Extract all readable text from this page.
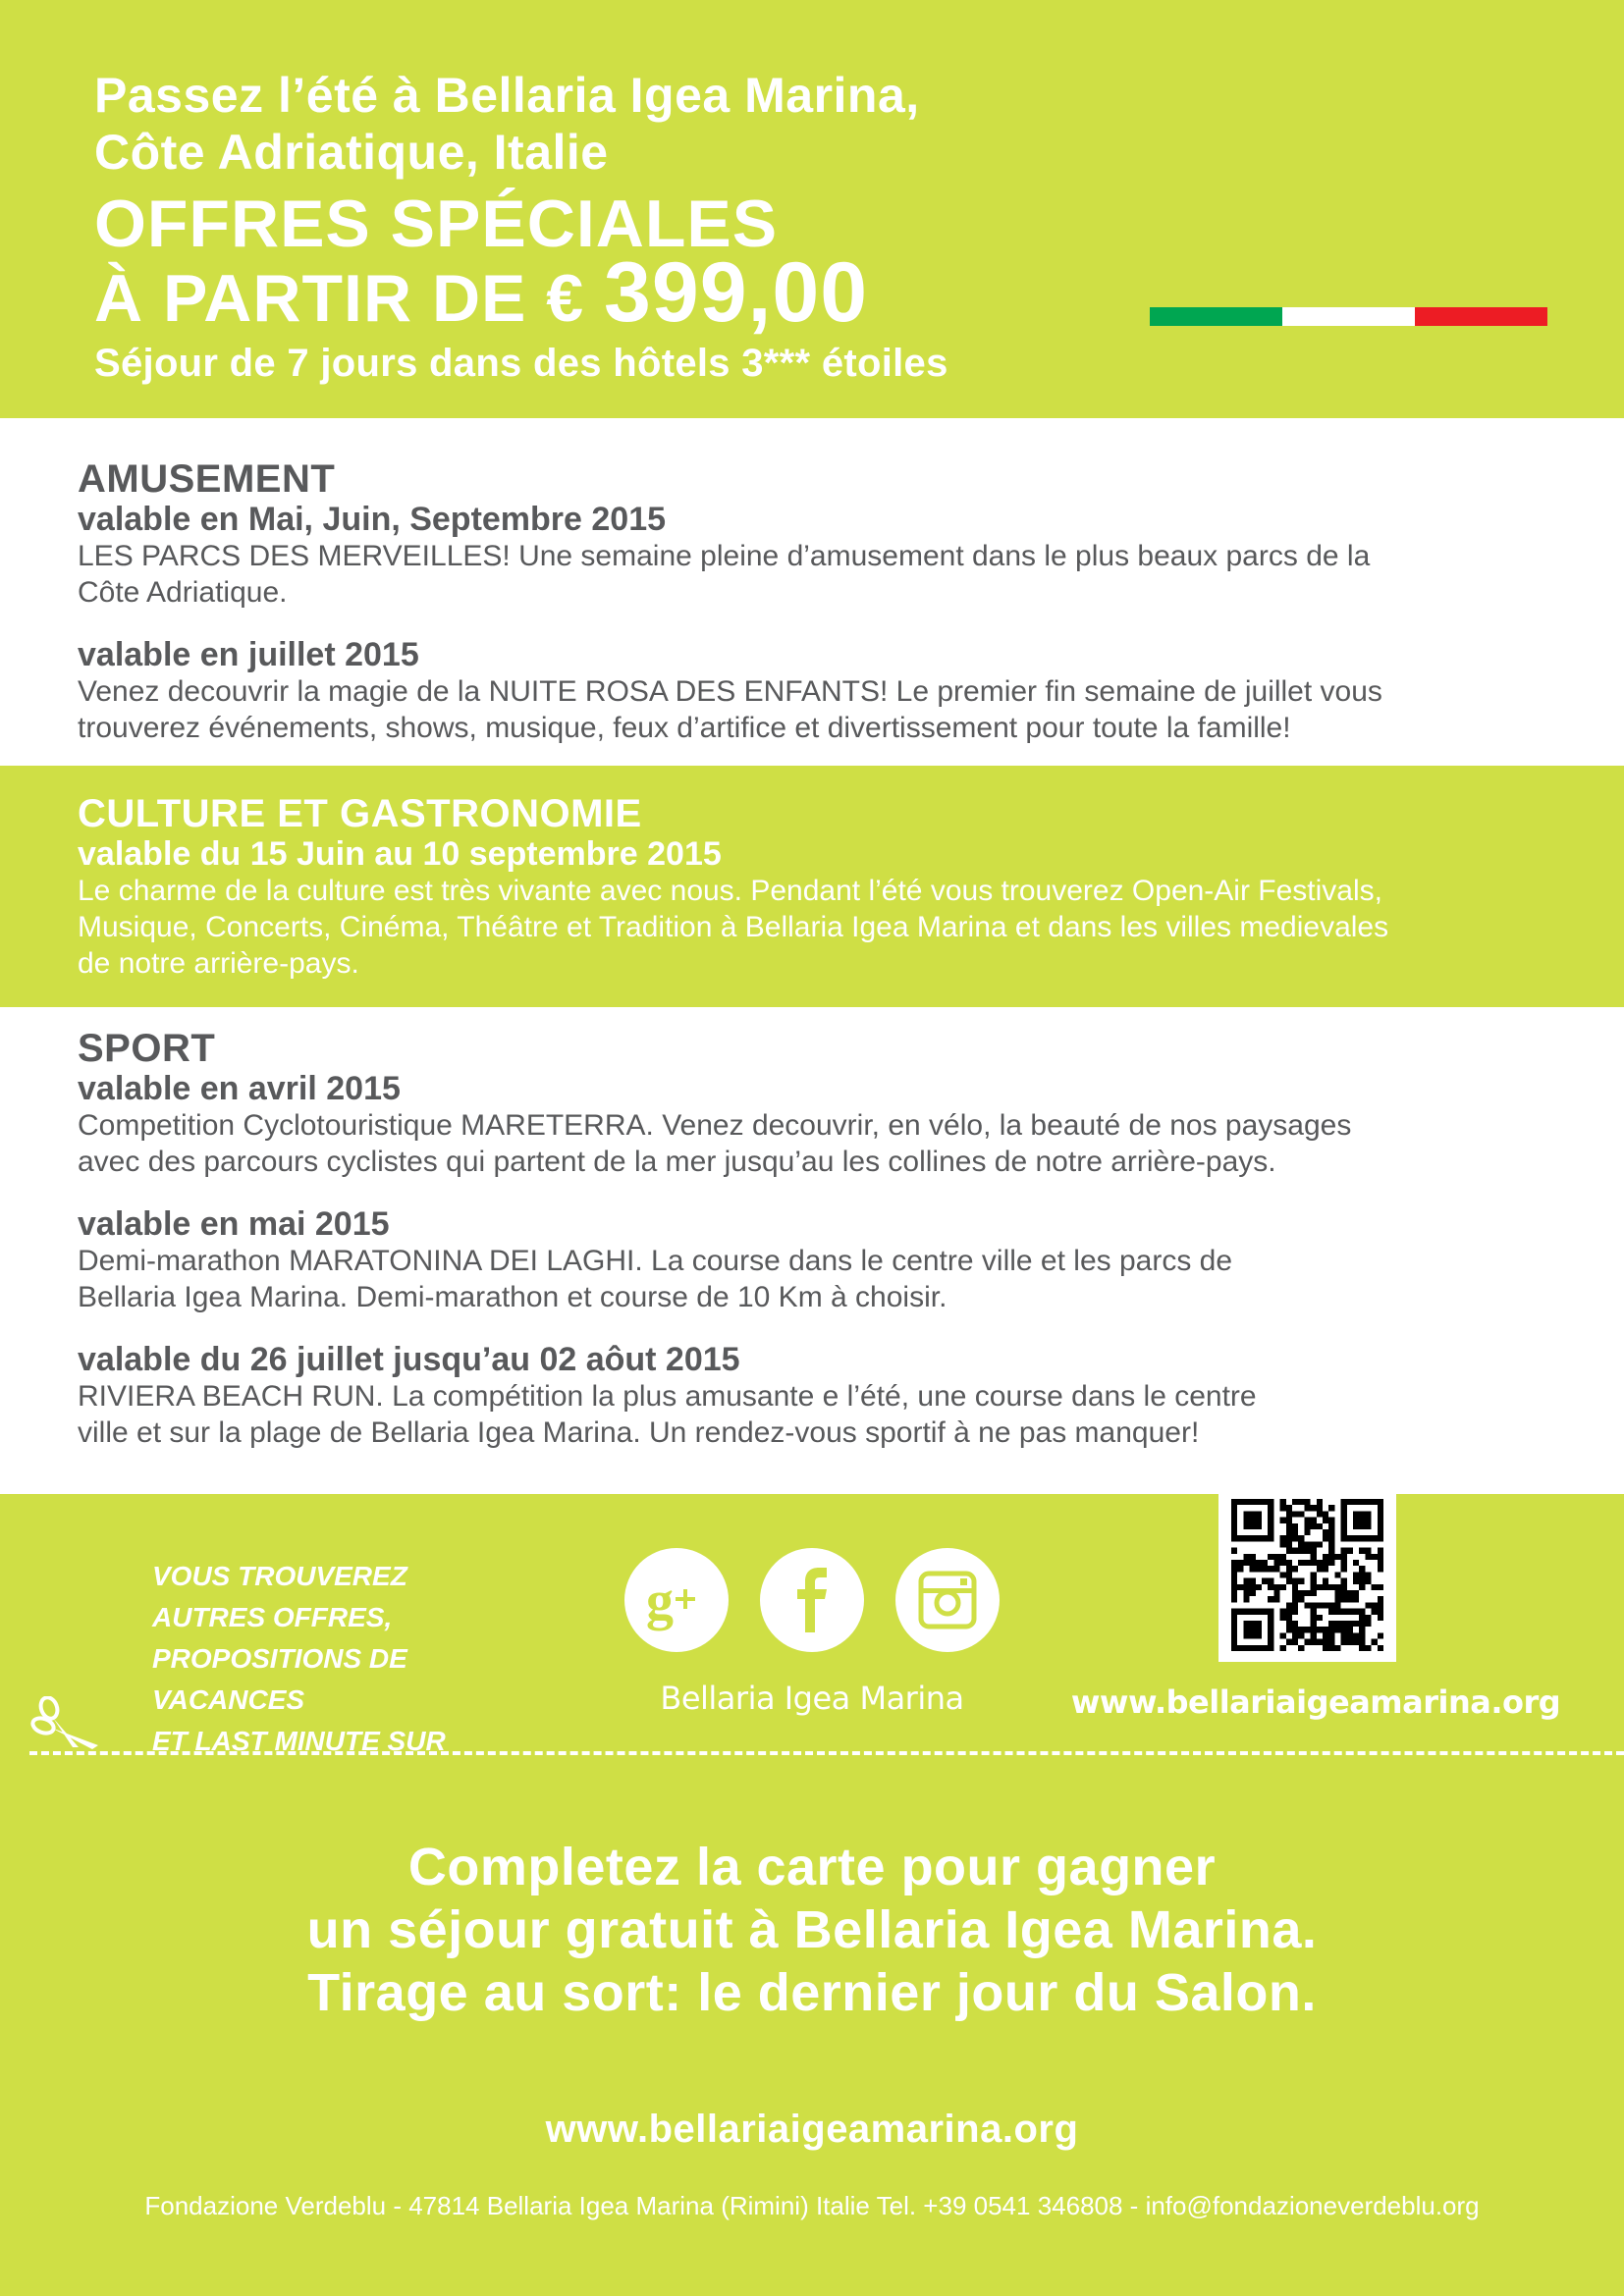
Passez l’été à Bellaria Igea Marina,

Côte Adriatique, Italie

OFFRES SPÉCIALES

À PARTIR DE € 399,00

Séjour de 7 jours dans des hôtels 3*** étoiles

AMUSEMENT
valable en Mai, Juin, Septembre 2015
LES PARCS DES MERVEILLES! Une semaine pleine d’amusement dans le plus beaux parcs de la
Côte Adriatique.
valable en juillet 2015
Venez decouvrir la magie de la NUITE ROSA DES ENFANTS! Le premier fin semaine de juillet vous
trouverez événements, shows, musique, feux d’artifice et divertissement pour toute la famille!
CULTURE ET GASTRONOMIE
valable du 15 Juin au 10 septembre 2015
Le charme de la culture est très vivante avec nous. Pendant l’été vous trouverez Open-Air Festivals,
Musique, Concerts, Cinéma, Théâtre et Tradition à Bellaria Igea Marina et dans les villes medievales
de notre arrière-pays.
SPORT
valable en avril 2015
Competition Cyclotouristique MARETERRA. Venez decouvrir, en vélo, la beauté de nos paysages
avec des parcours cyclistes qui partent de la mer jusqu’au les collines de notre arrière-pays.
valable en mai 2015
Demi-marathon MARATONINA DEI LAGHI. La course dans le centre ville et les parcs de
Bellaria Igea Marina. Demi-marathon et course de 10 Km à choisir.
valable du 26 juillet jusqu’au 02 aôut 2015
RIVIERA BEACH RUN. La compétition la plus amusante e l’été, une course dans le centre
ville et sur la plage de Bellaria Igea Marina. Un rendez-vous sportif à ne pas manquer!
VOUS TROUVEREZ
AUTRES OFFRES,
PROPOSITIONS DE VACANCES
ET LAST MINUTE SUR
g

Bellaria Igea Marina	www.bellariaigeamarina.org

Completez la carte pour gagner
un séjour gratuit à Bellaria Igea Marina.
Tirage au sort: le dernier jour du Salon.

www.bellariaigeamarina.org

Fondazione Verdeblu - 47814 Bellaria Igea Marina (Rimini) Italie Tel. +39 0541 346808 - info@fondazioneverdeblu.org
